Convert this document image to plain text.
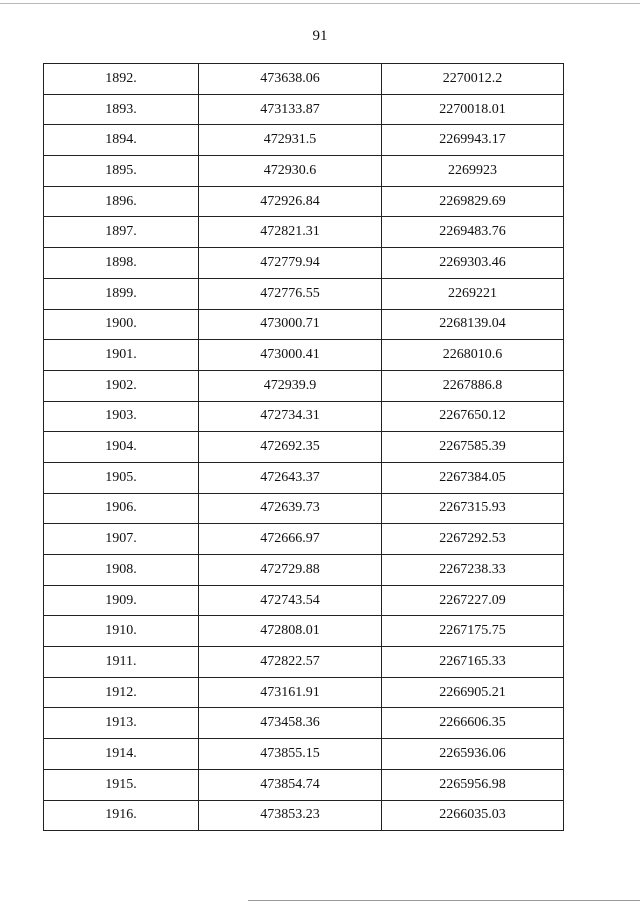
91
1892.	473638.06	2270012.2
1893.	473133.87	2270018.01
1894.	472931.5	2269943.17
1895.	472930.6	2269923
1896.	472926.84	2269829.69
1897.	472821.31	2269483.76
1898.	472779.94	2269303.46
1899.	472776.55	2269221
1900.	473000.71	2268139.04
1901.	473000.41	2268010.6
1902.	472939.9	2267886.8
1903.	472734.31	2267650.12
1904.	472692.35	2267585.39
1905.	472643.37	2267384.05
1906.	472639.73	2267315.93
1907.	472666.97	2267292.53
1908.	472729.88	2267238.33
1909.	472743.54	2267227.09
1910.	472808.01	2267175.75
1911.	472822.57	2267165.33
1912.	473161.91	2266905.21
1913.	473458.36	2266606.35
1914.	473855.15	2265936.06
1915.	473854.74	2265956.98
1916.	473853.23	2266035.03
